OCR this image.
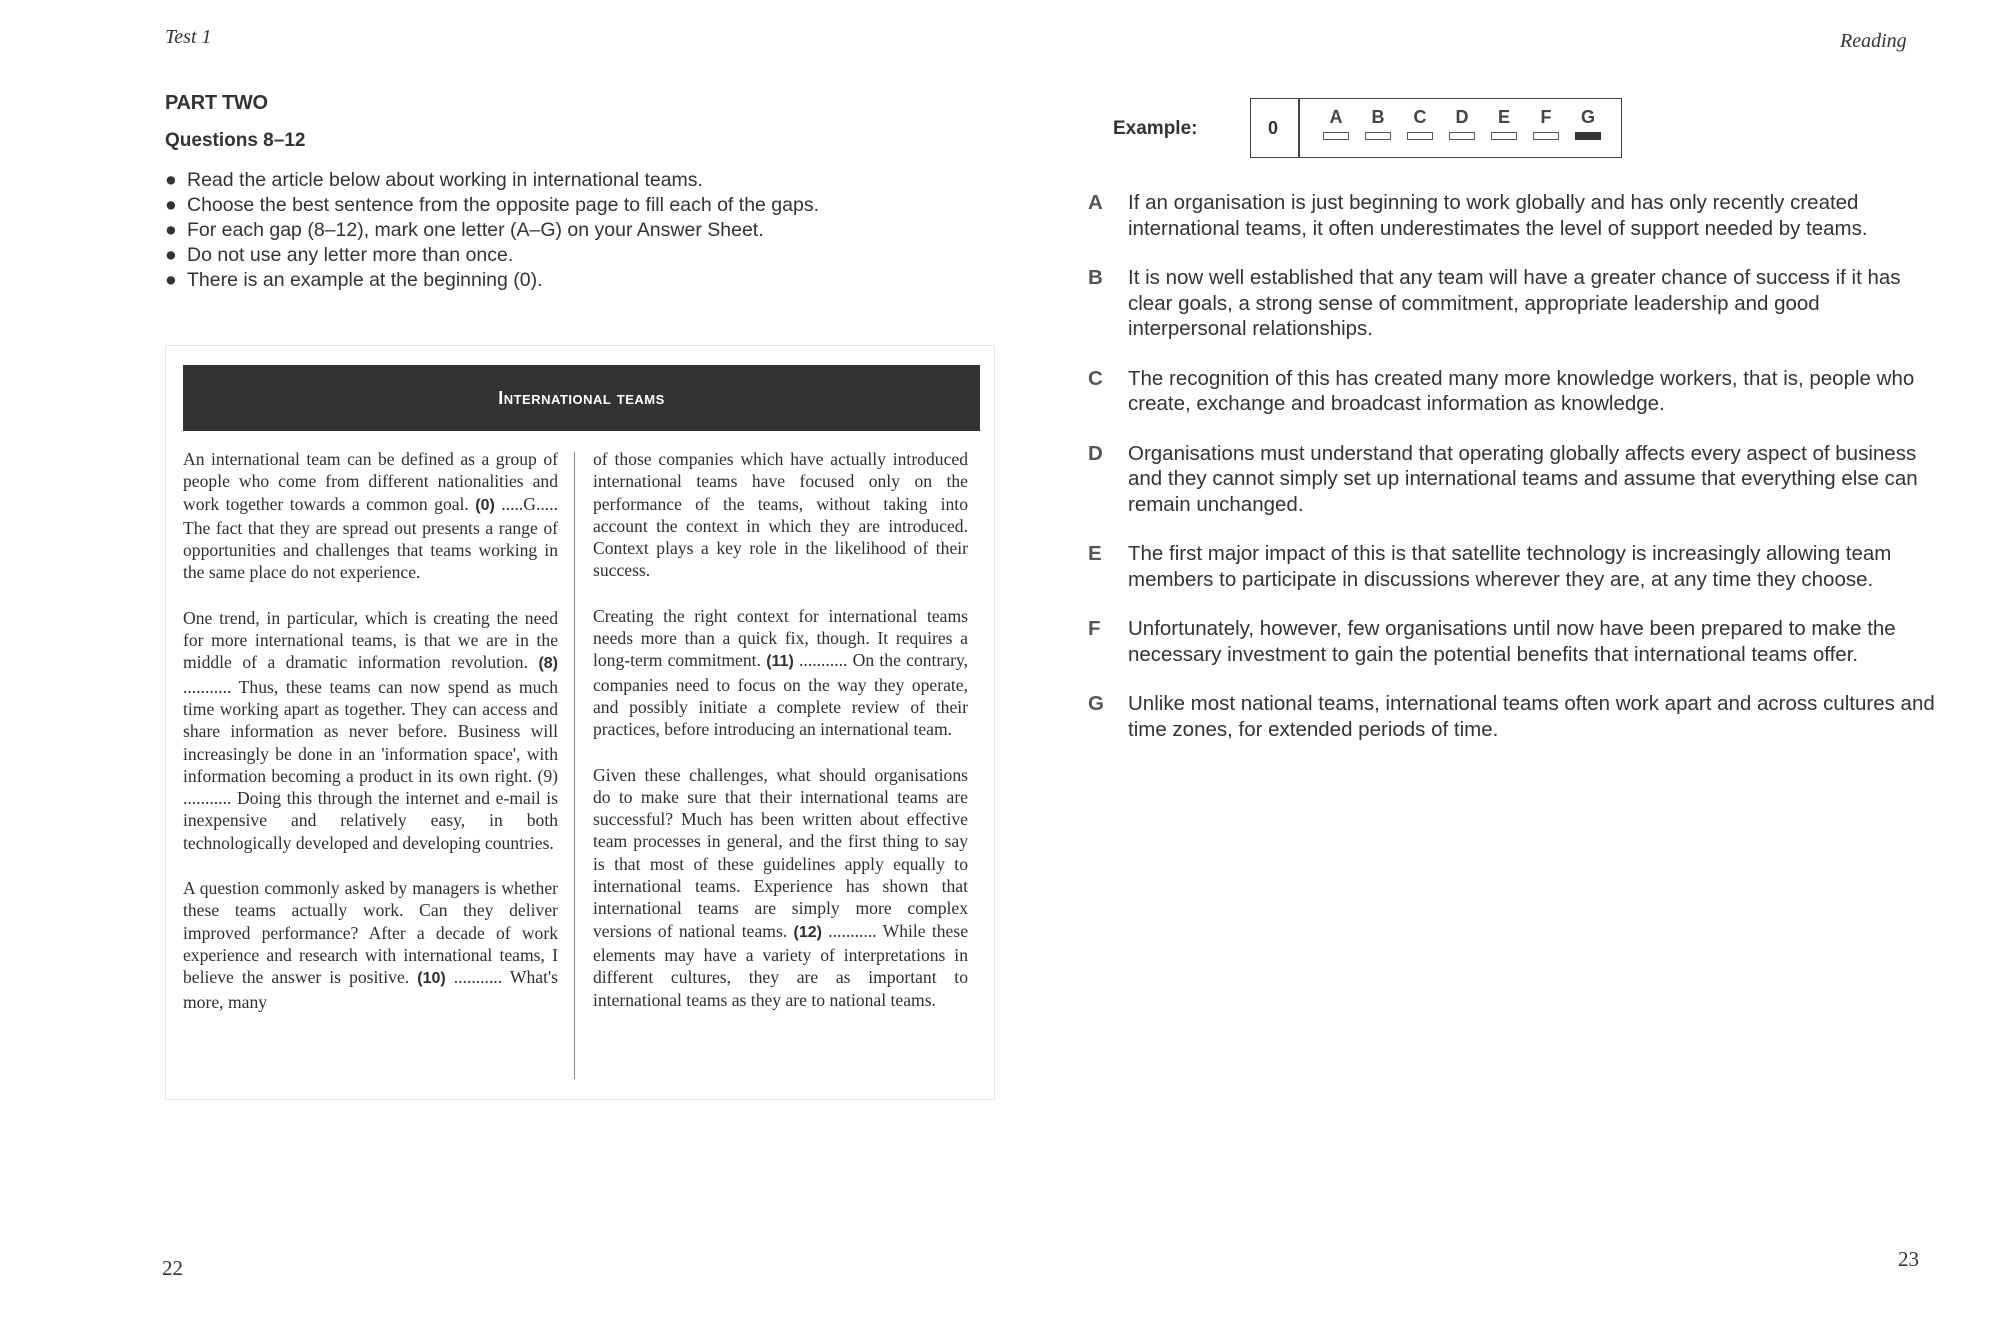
Test 1	Reading
PART TWO
Questions 8–12
● Read the article below about working in international teams.
● Choose the best sentence from the opposite page to fill each of the gaps.
● For each gap (8–12), mark one letter (A–G) on your Answer Sheet.
● Do not use any letter more than once.
● There is an example at the beginning (0).
International teams

An international team can be defined as a group of people who come from different nationalities and work together towards a common goal. (0) .....G..... The fact that they are spread out presents a range of opportunities and challenges that teams working in the same place do not experience.

One trend, in particular, which is creating the need for more international teams, is that we are in the middle of a dramatic information revolution. (8) ........... Thus, these teams can now spend as much time working apart as together. They can access and share information as never before. Business will increasingly be done in an 'information space', with information becoming a product in its own right. (9) ........... Doing this through the internet and e-mail is inexpensive and relatively easy, in both technologically developed and developing countries.

A question commonly asked by managers is whether these teams actually work. Can they deliver improved performance? After a decade of work experience and research with international teams, I believe the answer is positive. (10) ........... What's more, many

of those companies which have actually introduced international teams have focused only on the performance of the teams, without taking into account the context in which they are introduced. Context plays a key role in the likelihood of their success.

Creating the right context for international teams needs more than a quick fix, though. It requires a long-term commitment. (11) ........... On the contrary, companies need to focus on the way they operate, and possibly initiate a complete review of their practices, before introducing an international team.

Given these challenges, what should organisations do to make sure that their international teams are successful? Much has been written about effective team processes in general, and the first thing to say is that most of these guidelines apply equally to international teams. Experience has shown that international teams are simply more complex versions of national teams. (12) ........... While these elements may have a variety of interpretations in different cultures, they are as important to international teams as they are to national teams.

Example:	0
A B C D E F G
A If an organisation is just beginning to work globally and has only recently created international teams, it often underestimates the level of support needed by teams.
B It is now well established that any team will have a greater chance of success if it has clear goals, a strong sense of commitment, appropriate leadership and good interpersonal relationships.
C The recognition of this has created many more knowledge workers, that is, people who create, exchange and broadcast information as knowledge.
D Organisations must understand that operating globally affects every aspect of business and they cannot simply set up international teams and assume that everything else can remain unchanged.
E The first major impact of this is that satellite technology is increasingly allowing team members to participate in discussions wherever they are, at any time they choose.
F Unfortunately, however, few organisations until now have been prepared to make the necessary investment to gain the potential benefits that international teams offer.
G Unlike most national teams, international teams often work apart and across cultures and time zones, for extended periods of time.
22	23
